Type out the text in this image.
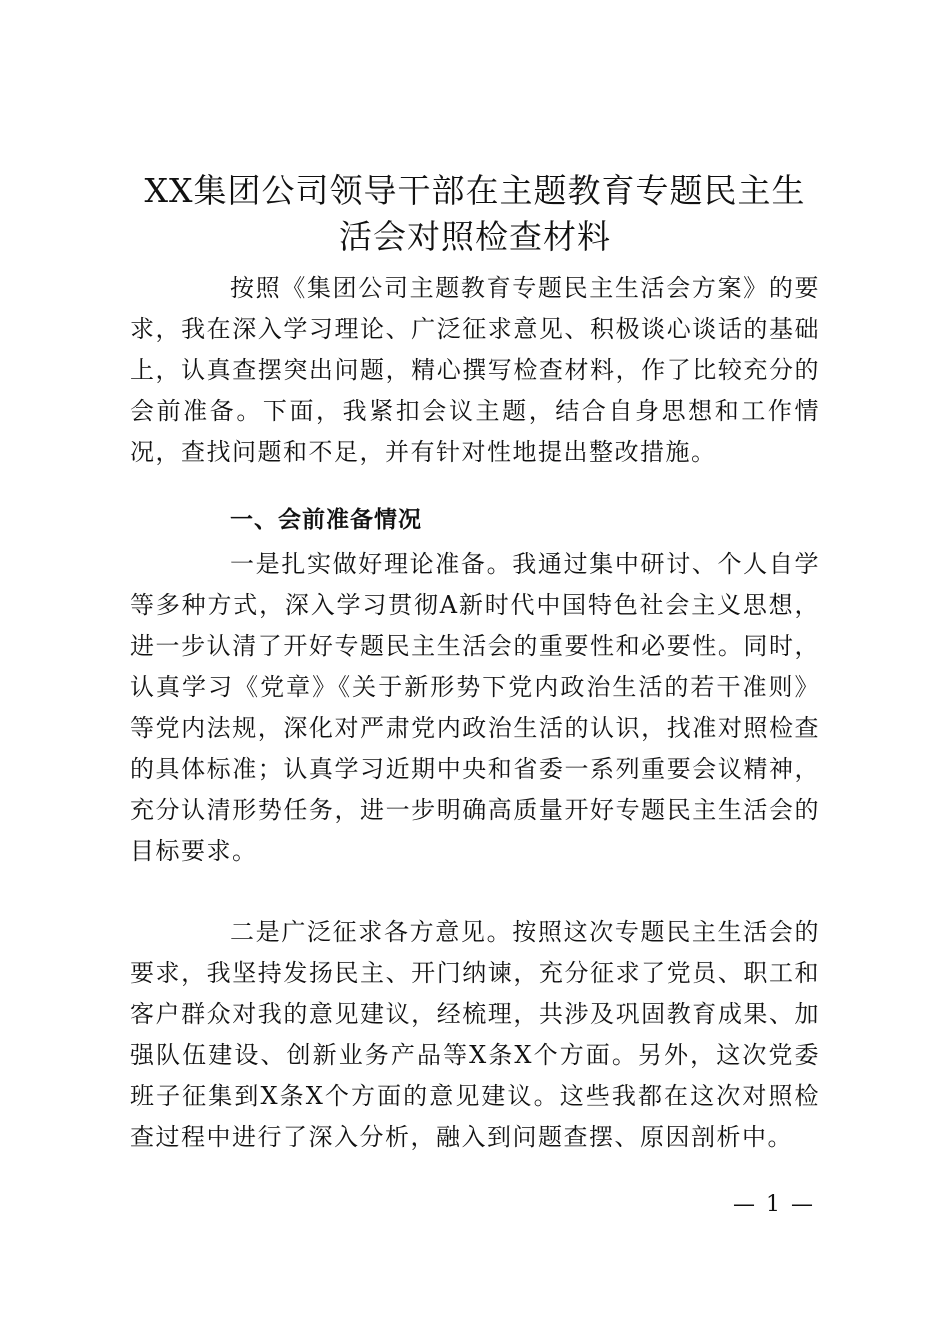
XX集团公司领导干部在主题教育专题民主生
活会对照检查材料

按照《集团公司主题教育专题民主生活会方案》的要求，我在深入学习理论、广泛征求意见、积极谈心谈话的基础上，认真查摆突出问题，精心撰写检查材料，作了比较充分的会前准备。下面，我紧扣会议主题，结合自身思想和工作情况，查找问题和不足，并有针对性地提出整改措施。

一、会前准备情况

一是扎实做好理论准备。我通过集中研讨、个人自学等多种方式，深入学习贯彻A新时代中国特色社会主义思想，进一步认清了开好专题民主生活会的重要性和必要性。同时，认真学习《党章》《关于新形势下党内政治生活的若干准则》等党内法规，深化对严肃党内政治生活的认识，找准对照检查的具体标准；认真学习近期中央和省委一系列重要会议精神，充分认清形势任务，进一步明确高质量开好专题民主生活会的目标要求。

二是广泛征求各方意见。按照这次专题民主生活会的要求，我坚持发扬民主、开门纳谏，充分征求了党员、职工和客户群众对我的意见建议，经梳理，共涉及巩固教育成果、加强队伍建设、创新业务产品等X条X个方面。另外，这次党委班子征集到X条X个方面的意见建议。这些我都在这次对照检查过程中进行了深入分析，融入到问题查摆、原因剖析中。

— 1 —
